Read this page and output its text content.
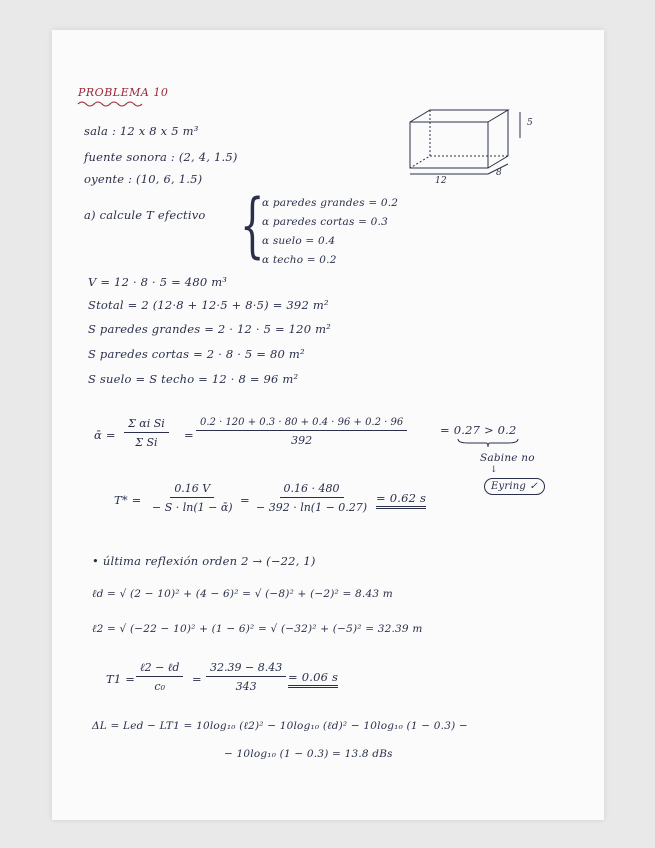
PROBLEMA 10
sala : 12 x 8 x 5 m³
fuente sonora : (2, 4, 1.5)
oyente : (10, 6, 1.5)
5
12
8
a) calcule T efectivo {
α paredes grandes = 0.2
α paredes cortas = 0.3
α suelo = 0.4
α techo = 0.2
V = 12 · 8 · 5 = 480 m³
Stotal = 2 (12·8 + 12·5 + 8·5) = 392 m²
S paredes grandes = 2 · 12 · 5 = 120 m²
S paredes cortas = 2 · 8 · 5 = 80 m²
S suelo = S techo = 12 · 8 = 96 m²
ᾱ = $\frac{\text{Σ αi Si}}{\text{Σ Si}} = \frac{0.2 \cdot 120 + 0.3 \cdot 80 + 0.4 \cdot 96 + 0.2 \cdot 96}{392}$	= 0.27 > 0.2
Sabine no
↓
Eyring ✓
$T* = \frac{0.16 V}{\text{− S · ln(1 − ᾱ)}} = \frac{0.16 \cdot 480}{- 392 \cdot \ln(1 - 0.27)} = 0.62$ s
• última reflexión orden 2 → (−22, 1)
ℓd = √ (2 − 10)² + (4 − 6)² = √ (−8)² + (−2)² = 8.43 m
ℓ2 = √ (−22 − 10)² + (1 − 6)² = √ (−32)² + (−5)² = 32.39 m
T1 =
ℓ2 − ℓd
c₀
= $\frac{32.39 - 8.43}{343} = 0.06$ s
ΔL = Led − LT1 = 10log₁₀ (ℓ2)² − 10log₁₀ (ℓd)² − 10log₁₀ (1 − 0.3) −
− 10log₁₀ (1 − 0.3) = 13.8 dBs
